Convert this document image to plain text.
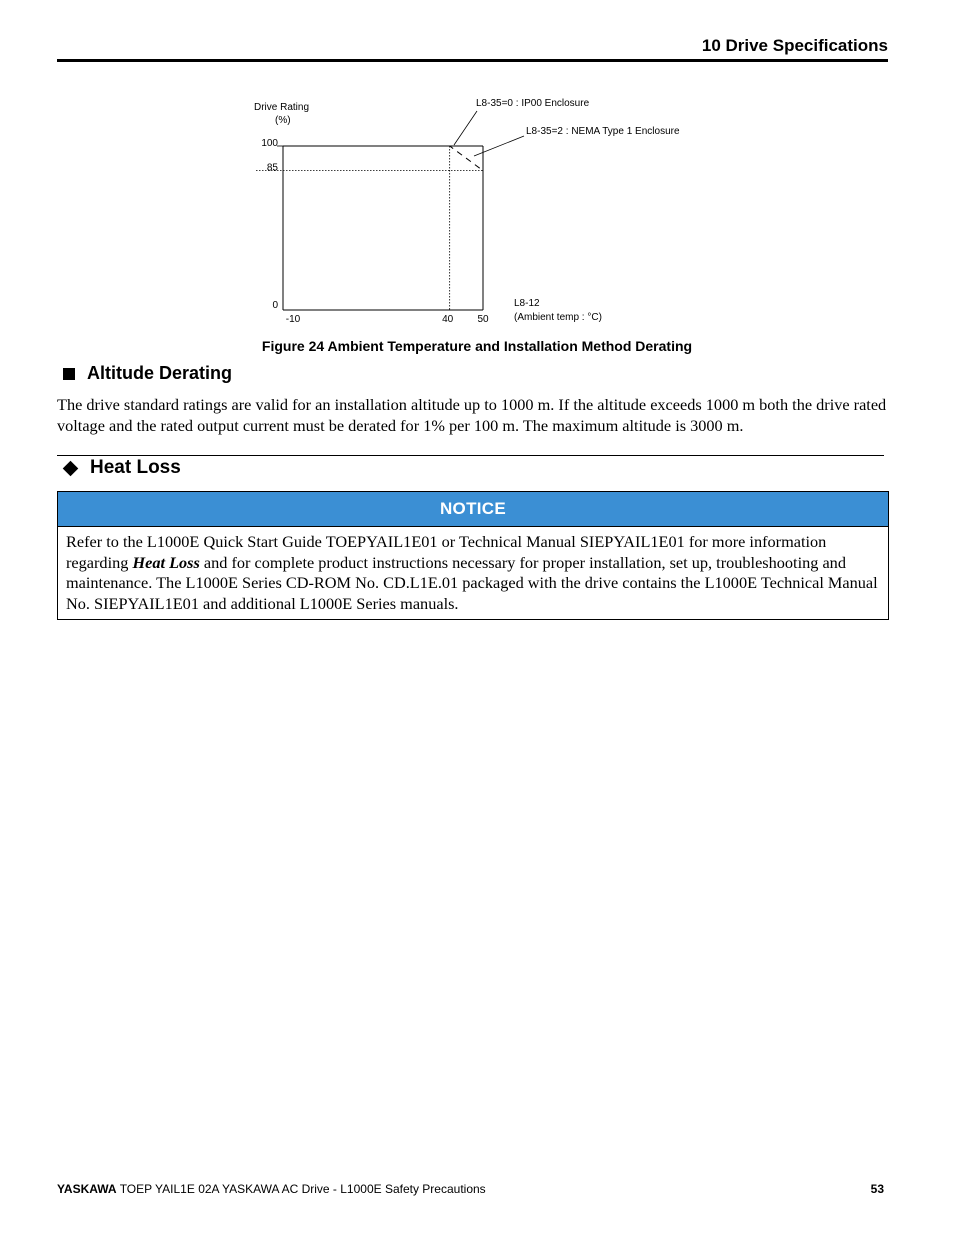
10 Drive Specifications
Drive Rating
(%)
100
85
0
-10	40 50
L8-12
(Ambient temp : °C)
L8-35=0 : IP00 Enclosure
L8-35=2 : NEMA Type 1 Enclosure
Figure 24 Ambient Temperature and Installation Method Derating
Altitude Derating
The drive standard ratings are valid for an installation altitude up to 1000 m. If the altitude exceeds 1000 m both the drive rated voltage and the rated output current must be derated for 1% per 100 m. The maximum altitude is 3000 m.
Heat Loss
NOTICE
Refer to the L1000E Quick Start Guide TOEPYAIL1E01 or Technical Manual SIEPYAIL1E01 for more information regarding Heat Loss and for complete product instructions necessary for proper installation, set up, troubleshooting and maintenance. The L1000E Series CD-ROM No. CD.L1E.01 packaged with the drive contains the L1000E Technical Manual No. SIEPYAIL1E01 and additional L1000E Series manuals.
YASKAWA TOEP YAIL1E 02A YASKAWA AC Drive - L1000E Safety Precautions	53
